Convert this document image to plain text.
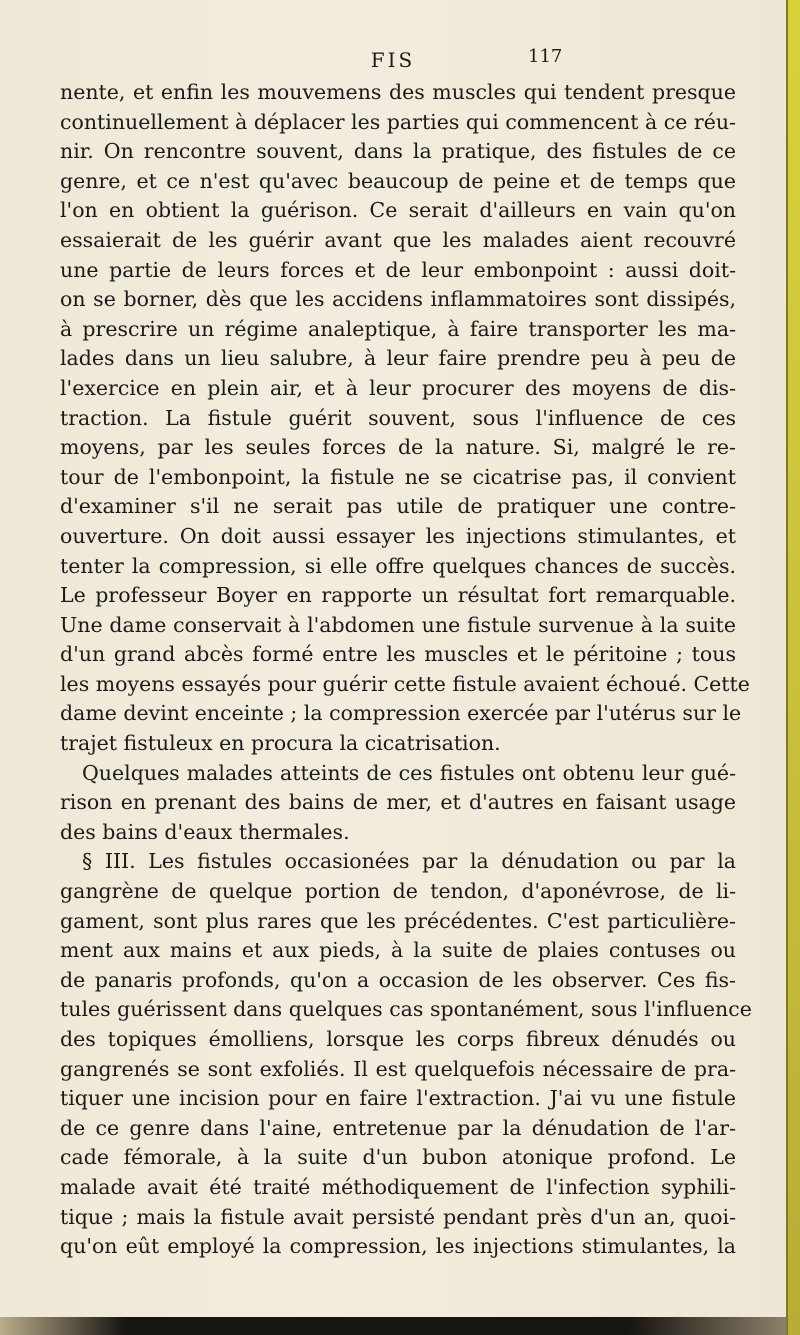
FIS	117
nente, et enfin les mouvemens des muscles qui tendent presque
continuellement à déplacer les parties qui commencent à ce réu-
nir. On rencontre souvent, dans la pratique, des fistules de ce
genre, et ce n'est qu'avec beaucoup de peine et de temps que
l'on en obtient la guérison. Ce serait d'ailleurs en vain qu'on
essaierait de les guérir avant que les malades aient recouvré
une partie de leurs forces et de leur embonpoint : aussi doit-
on se borner, dès que les accidens inflammatoires sont dissipés,
à prescrire un régime analeptique, à faire transporter les ma-
lades dans un lieu salubre, à leur faire prendre peu à peu de
l'exercice en plein air, et à leur procurer des moyens de dis-
traction. La fistule guérit souvent, sous l'influence de ces
moyens, par les seules forces de la nature. Si, malgré le re-
tour de l'embonpoint, la fistule ne se cicatrise pas, il convient
d'examiner s'il ne serait pas utile de pratiquer une contre-
ouverture. On doit aussi essayer les injections stimulantes, et
tenter la compression, si elle offre quelques chances de succès.
Le professeur Boyer en rapporte un résultat fort remarquable.
Une dame conservait à l'abdomen une fistule survenue à la suite
d'un grand abcès formé entre les muscles et le péritoine ; tous
les moyens essayés pour guérir cette fistule avaient échoué. Cette
dame devint enceinte ; la compression exercée par l'utérus sur le
trajet fistuleux en procura la cicatrisation.
Quelques malades atteints de ces fistules ont obtenu leur gué-
rison en prenant des bains de mer, et d'autres en faisant usage
des bains d'eaux thermales.
§ III. Les fistules occasionées par la dénudation ou par la
gangrène de quelque portion de tendon, d'aponévrose, de li-
gament, sont plus rares que les précédentes. C'est particulière-
ment aux mains et aux pieds, à la suite de plaies contuses ou
de panaris profonds, qu'on a occasion de les observer. Ces fis-
tules guérissent dans quelques cas spontanément, sous l'influence
des topiques émolliens, lorsque les corps fibreux dénudés ou
gangrenés se sont exfoliés. Il est quelquefois nécessaire de pra-
tiquer une incision pour en faire l'extraction. J'ai vu une fistule
de ce genre dans l'aine, entretenue par la dénudation de l'ar-
cade fémorale, à la suite d'un bubon atonique profond. Le
malade avait été traité méthodiquement de l'infection syphili-
tique ; mais la fistule avait persisté pendant près d'un an, quoi-
qu'on eût employé la compression, les injections stimulantes, la
